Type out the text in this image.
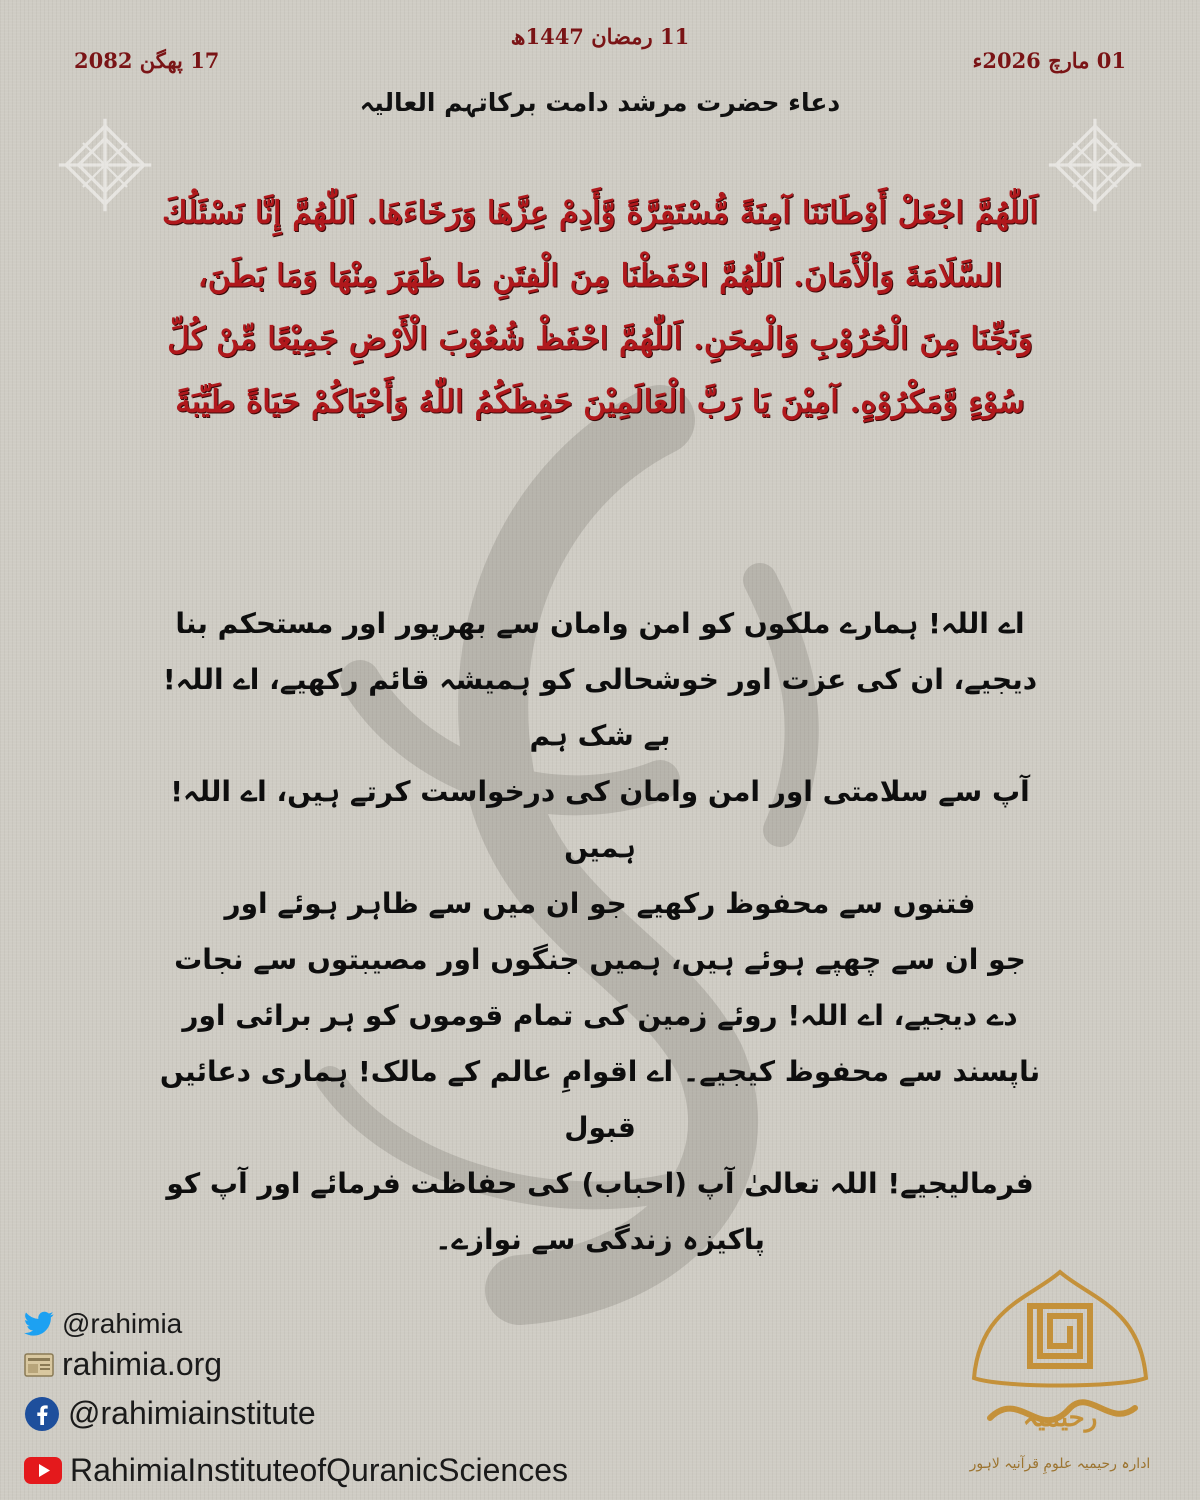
11 رمضان 1447ھ
01 مارچ 2026ء
17 پھگن 2082
دعاء حضرت مرشد دامت برکاتہم العالیہ
اَللّٰهُمَّ اجْعَلْ أَوْطَانَنَا آمِنَةً مُّسْتَقِرَّةً وَّأَدِمْ عِزَّهَا وَرَخَاءَهَا. اَللّٰهُمَّ إِنَّا نَسْئَلُكَ
السَّلَامَةَ وَالْأَمَانَ. اَللّٰهُمَّ احْفَظْنَا مِنَ الْفِتَنِ مَا ظَهَرَ مِنْهَا وَمَا بَطَنَ،
وَنَجِّنَا مِنَ الْحُرُوْبِ وَالْمِحَنِ. اَللّٰهُمَّ احْفَظْ شُعُوْبَ الْأَرْضِ جَمِيْعًا مِّنْ كُلِّ
سُوْءٍ وَّمَكْرُوْهٍ. آمِيْنَ يَا رَبَّ الْعَالَمِيْنَ حَفِظَكُمُ اللّٰهُ وَأَحْيَاكُمْ حَيَاةً طَيِّبَةً
اے اللہ! ہمارے ملکوں کو امن وامان سے بھرپور اور مستحکم بنا
دیجیے، ان کی عزت اور خوشحالی کو ہمیشہ قائم رکھیے، اے اللہ! بے شک ہم
آپ سے سلامتی اور امن وامان کی درخواست کرتے ہیں، اے اللہ! ہمیں
فتنوں سے محفوظ رکھیے جو ان میں سے ظاہر ہوئے اور
جو ان سے چھپے ہوئے ہیں، ہمیں جنگوں اور مصیبتوں سے نجات
دے دیجیے، اے اللہ! روئے زمین کی تمام قوموں کو ہر برائی اور
ناپسند سے محفوظ کیجیے۔ اے اقوامِ عالم کے مالک! ہماری دعائیں قبول
فرمالیجیے! اللہ تعالیٰ آپ (احباب) کی حفاظت فرمائے اور آپ کو
پاکیزہ زندگی سے نوازے۔
@rahimia
rahimia.org
@rahimiainstitute
RahimiaInstituteofQuranicSciences
رحیمیہ
ادارہ رحیمیہ علومِ قرآنیہ لاہور
